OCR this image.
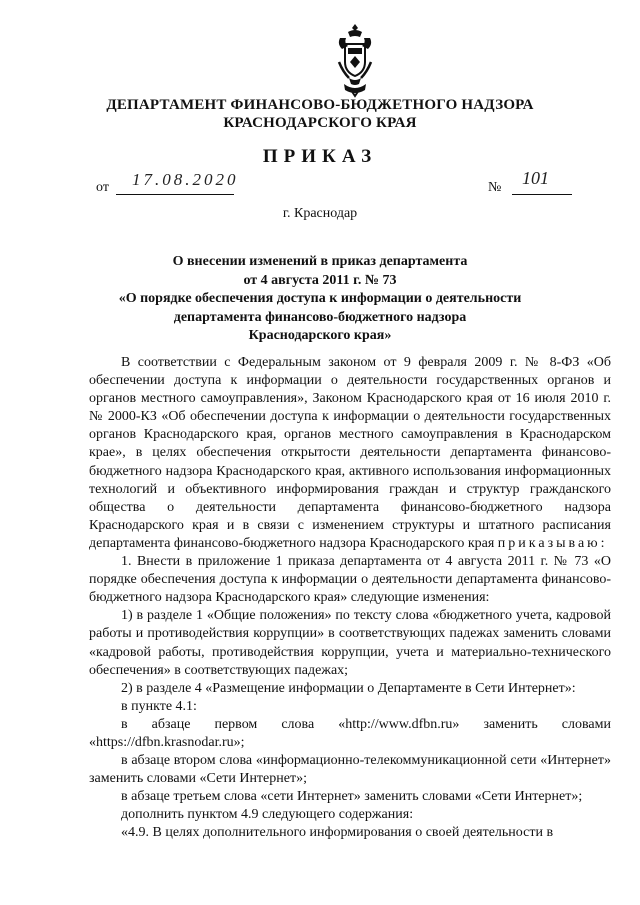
ДЕПАРТАМЕНТ ФИНАНСОВО-БЮДЖЕТНОГО НАДЗОРА
КРАСНОДАРСКОГО КРАЯ
ПРИКАЗ
от 17.08.2020	№ 101
г. Краснодар
О внесении изменений в приказ департамента
от 4 августа 2011 г. № 73
«О порядке обеспечения доступа к информации о деятельности
департамента финансово-бюджетного надзора
Краснодарского края»

В соответствии с Федеральным законом от 9 февраля 2009 г. № 8-ФЗ «Об обеспечении доступа к информации о деятельности государственных органов и органов местного самоуправления», Законом Краснодарского края от 16 июля 2010 г. № 2000-КЗ «Об обеспечении доступа к информации о деятельности государственных органов Краснодарского края, органов местного самоуправления в Краснодарском крае», в целях обеспечения открытости деятельности департамента финансово-бюджетного надзора Краснодарского края, активного использования информационных технологий и объективного информирования граждан и структур гражданского общества о деятельности департамента финансово-бюджетного надзора Краснодарского края и в связи с изменением структуры и штатного расписания департамента финансово-бюджетного надзора Краснодарского края приказываю:

1. Внести в приложение 1 приказа департамента от 4 августа 2011 г. № 73 «О порядке обеспечения доступа к информации о деятельности департамента финансово-бюджетного надзора Краснодарского края» следующие изменения:

1) в разделе 1 «Общие положения» по тексту слова «бюджетного учета, кадровой работы и противодействия коррупции» в соответствующих падежах заменить словами «кадровой работы, противодействия коррупции, учета и материально-технического обеспечения» в соответствующих падежах;

2) в разделе 4 «Размещение информации о Департаменте в Сети Интернет»:

в пункте 4.1:

в абзаце первом слова «http://www.dfbn.ru» заменить словами «https://dfbn.krasnodar.ru»;

в абзаце втором слова «информационно-телекоммуникационной сети «Интернет» заменить словами «Сети Интернет»;

в абзаце третьем слова «сети Интернет» заменить словами «Сети Интернет»;

дополнить пунктом 4.9 следующего содержания:

«4.9. В целях дополнительного информирования о своей деятельности в
